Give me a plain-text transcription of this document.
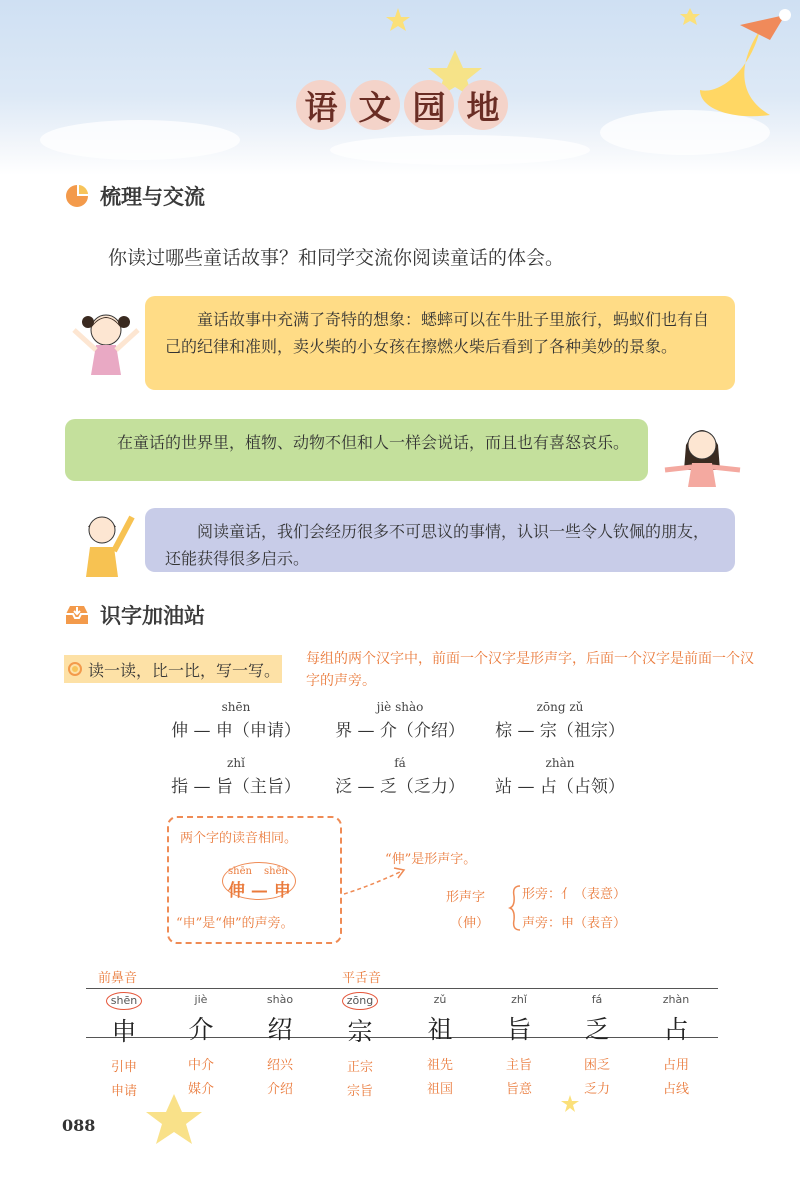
语 文 园 地
梳理与交流
你读过哪些童话故事？和同学交流你阅读童话的体会。
童话故事中充满了奇特的想象：蟋蟀可以在牛肚子里旅行，蚂蚁们也有自己的纪律和准则，卖火柴的小女孩在擦燃火柴后看到了各种美妙的景象。
在童话的世界里，植物、动物不但和人一样会说话，而且也有喜怒哀乐。
阅读童话，我们会经历很多不可思议的事情，认识一些令人钦佩的朋友，还能获得很多启示。
识字加油站
读一读，比一比，写一写。
每组的两个汉字中，前面一个汉字是形声字，后面一个汉字是前面一个汉字的声旁。
shēn
伸 — 申（申请）
jiè shào
界 — 介（介绍）
zōng zǔ
棕 — 宗（祖宗）
zhǐ
指 — 旨（主旨）
fá
泛 — 乏（乏力）
zhàn
站 — 占（占领）
两个字的读音相同。
shēn shēn
伸 — 申
“申”是“伸”的声旁。
“伸”是形声字。
形声字
（伸）
形旁：亻（表意）
声旁：申（表音）
前鼻音	平舌音
shēn
申
引申
申请
jiè
介
中介
媒介
shào
绍
绍兴
介绍
zōng
宗
正宗
宗旨
zǔ
祖
祖先
祖国
zhǐ
旨
主旨
旨意
fá
乏
困乏
乏力
zhàn
占
占用
占线
088
